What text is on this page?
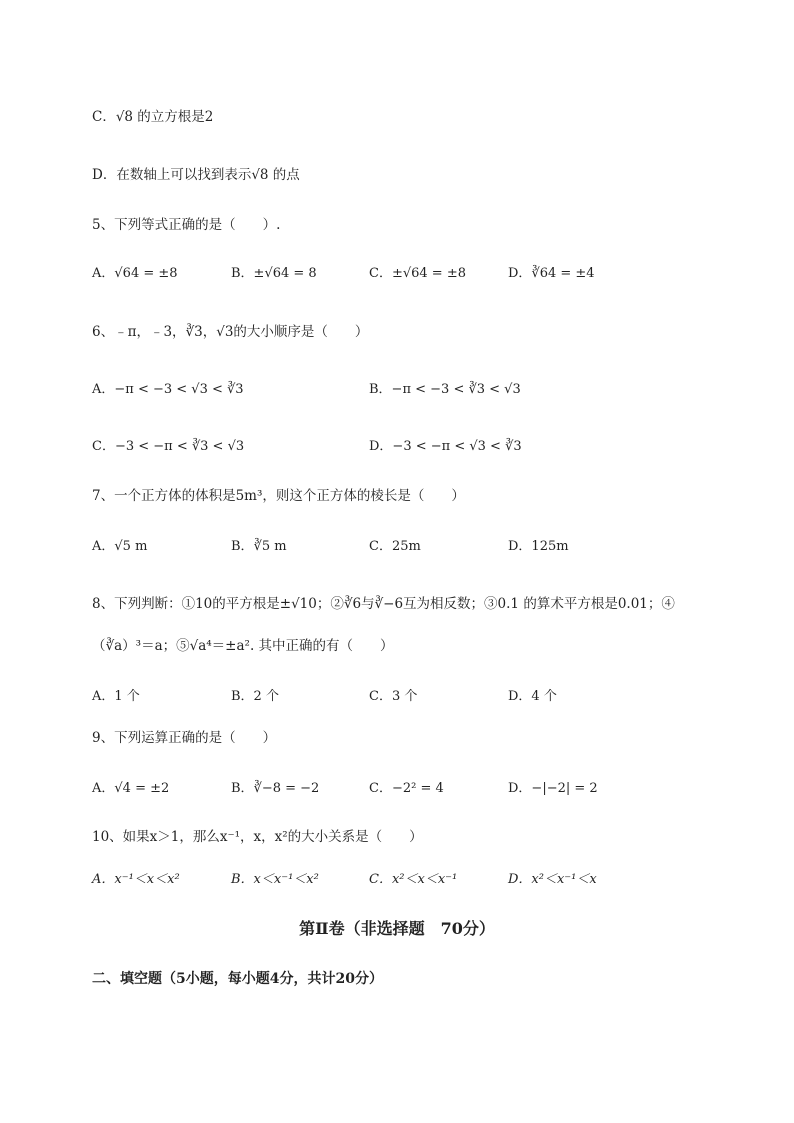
C．√8 的立方根是2
D．在数轴上可以找到表示√8 的点
5、下列等式正确的是（　　）.
A．√64 = ±8	B．±√64 = 8	C．±√64 = ±8	D．∛64 = ±4
6、﹣π，﹣3，∛3，√3的大小顺序是（　　）
A．−π < −3 < √3 < ∛3	B．−π < −3 < ∛3 < √3
C．−3 < −π < ∛3 < √3	D．−3 < −π < √3 < ∛3
7、一个正方体的体积是5m³，则这个正方体的棱长是（　　）
A．√5 m	B．∛5 m	C．25m	D．125m
8、下列判断：①10的平方根是±√10；②∛6与∛−6互为相反数；③0.1 的算术平方根是0.01；④
（∛a）³＝a；⑤√a⁴＝±a². 其中正确的有（　　）
A．1 个	B．2 个	C．3 个	D．4 个
9、下列运算正确的是（　　）
A．√4 = ±2	B．∛−8 = −2	C．−2² = 4	D．−|−2| = 2
10、如果x＞1，那么x⁻¹，x，x²的大小关系是（　　）
A．x⁻¹＜x＜x²	B．x＜x⁻¹＜x²	C．x²＜x＜x⁻¹	D．x²＜x⁻¹＜x
第Ⅱ卷（非选择题　70分）
二、填空题（5小题，每小题4分，共计20分）
